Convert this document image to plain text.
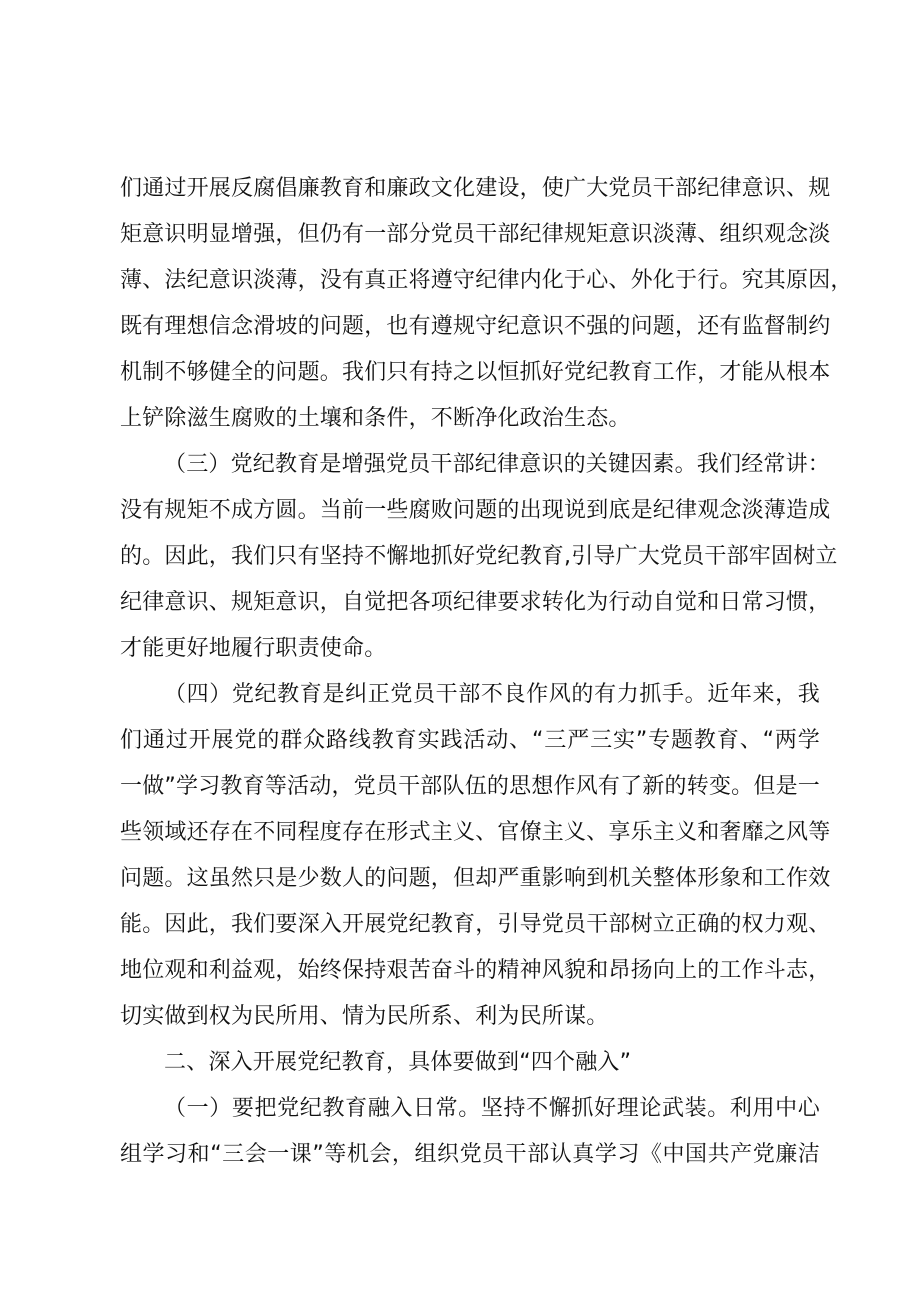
们通过开展反腐倡廉教育和廉政文化建设，使广大党员干部纪律意识、规
矩意识明显增强，但仍有一部分党员干部纪律规矩意识淡薄、组织观念淡
薄、法纪意识淡薄，没有真正将遵守纪律内化于心、外化于行。究其原因，
既有理想信念滑坡的问题，也有遵规守纪意识不强的问题，还有监督制约
机制不够健全的问题。我们只有持之以恒抓好党纪教育工作，才能从根本
上铲除滋生腐败的土壤和条件，不断净化政治生态。
（三）党纪教育是增强党员干部纪律意识的关键因素。我们经常讲：
没有规矩不成方圆。当前一些腐败问题的出现说到底是纪律观念淡薄造成
的。因此，我们只有坚持不懈地抓好党纪教育,引导广大党员干部牢固树立
纪律意识、规矩意识，自觉把各项纪律要求转化为行动自觉和日常习惯，
才能更好地履行职责使命。
（四）党纪教育是纠正党员干部不良作风的有力抓手。近年来，我
们通过开展党的群众路线教育实践活动、“三严三实”专题教育、“两学
一做”学习教育等活动，党员干部队伍的思想作风有了新的转变。但是一
些领域还存在不同程度存在形式主义、官僚主义、享乐主义和奢靡之风等
问题。这虽然只是少数人的问题，但却严重影响到机关整体形象和工作效
能。因此，我们要深入开展党纪教育，引导党员干部树立正确的权力观、
地位观和利益观，始终保持艰苦奋斗的精神风貌和昂扬向上的工作斗志，
切实做到权为民所用、情为民所系、利为民所谋。
二、深入开展党纪教育，具体要做到“四个融入”
（一）要把党纪教育融入日常。坚持不懈抓好理论武装。利用中心
组学习和“三会一课”等机会，组织党员干部认真学习《中国共产党廉洁
